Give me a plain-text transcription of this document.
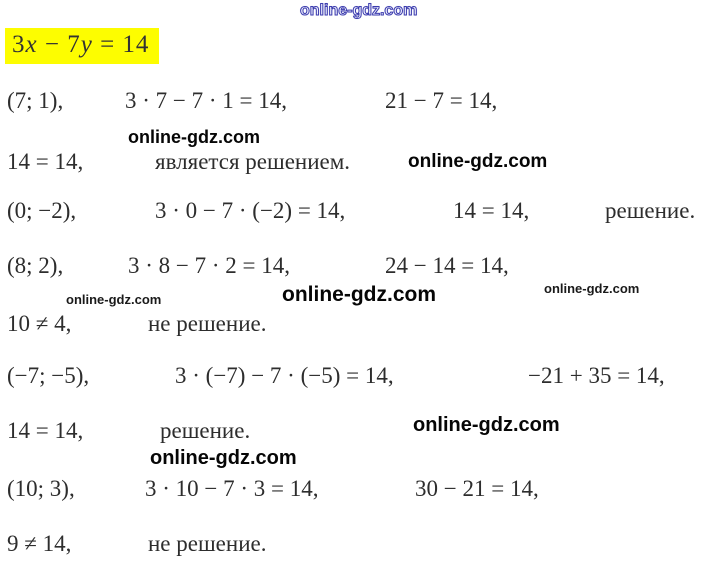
online-gdz.com
3x − 7y = 14
(7; 1),	3 · 7 − 7 · 1 = 14,	21 − 7 = 14,
online-gdz.com
14 = 14,	является решением.	online-gdz.com
(0; −2),	3 · 0 − 7 · (−2) = 14,	14 = 14,	решение.
(8; 2),	3 · 8 − 7 · 2 = 14,	24 − 14 = 14,
online-gdz.com	online-gdz.com	online-gdz.com
10 ≠ 4,	не решение.
(−7; −5),	3 · (−7) − 7 · (−5) = 14,	−21 + 35 = 14,
14 = 14,	решение.	online-gdz.com
online-gdz.com
(10; 3),	3 · 10 − 7 · 3 = 14,	30 − 21 = 14,
9 ≠ 14,	не решение.
